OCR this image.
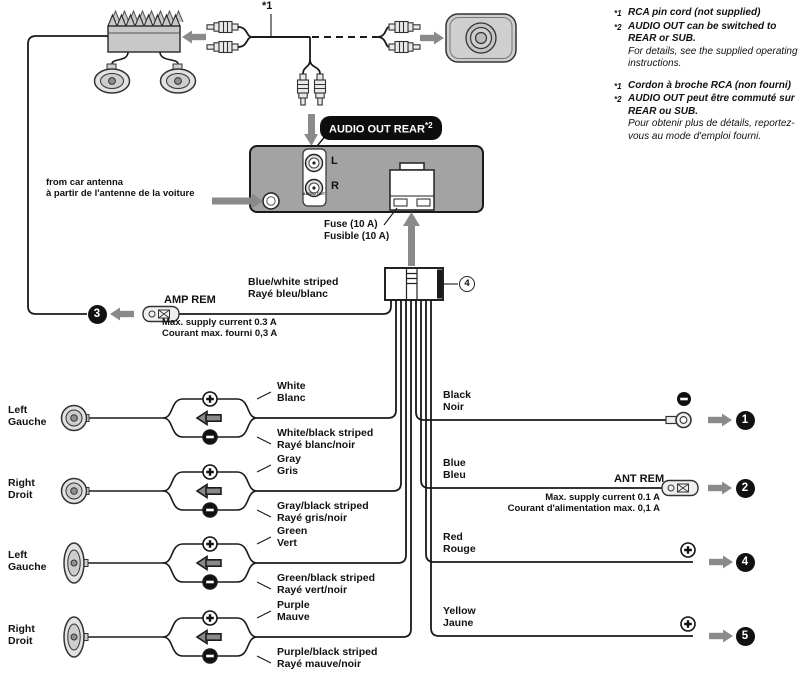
*1
AUDIO OUT REAR$^{*2}$
L
R
AUDIO OUT
from car antenna
à partir de l'antenne de la voiture
Fuse (10 A)
Fusible (10 A)
4
AMP REM
Blue/white striped
Rayé bleu/blanc
Max. supply current 0.3 A
Courant max. fourni 0,3 A
3
Left
Gauche
White
Blanc
White/black striped
Rayé blanc/noir
Right
Droit
Gray
Gris
Gray/black striped
Rayé gris/noir
Left
Gauche
Green
Vert
Green/black striped
Rayé vert/noir
Right
Droit
Purple
Mauve
Purple/black striped
Rayé mauve/noir
Black
Noir
1
Blue
Bleu	ANT REM
Max. supply current 0.1 A
Courant d'alimentation max. 0,1 A
2
Red
Rouge
4
Yellow
Jaune
5
*1 RCA pin cord (not supplied)
*2 AUDIO OUT can be switched to REAR or SUB.
For details, see the supplied operating instructions.
*1 Cordon à broche RCA (non fourni)
*2 AUDIO OUT peut être commuté sur REAR ou SUB.
Pour obtenir plus de détails, reportez-vous au mode d'emploi fourni.
